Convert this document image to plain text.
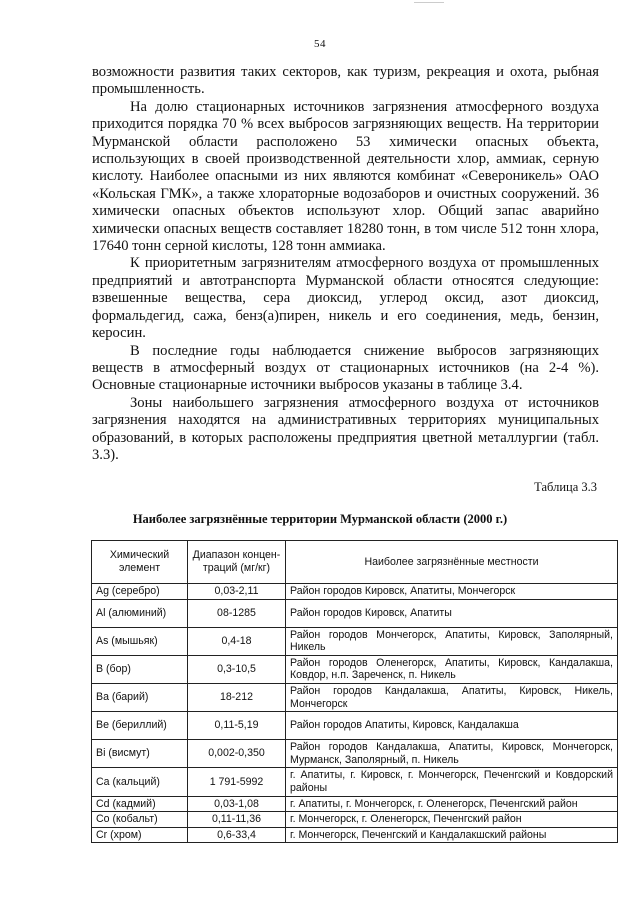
54

возможности развития таких секторов, как туризм, рекреация и охота, рыбная промышленность.

На долю стационарных источников загрязнения атмосферного воздуха приходится порядка 70 % всех выбросов загрязняющих веществ. На территории Мурманской области расположено 53 химически опасных объекта, использующих в своей производственной деятельности хлор, аммиак, серную кислоту. Наиболее опасными из них являются комбинат «Североникель» ОАО «Кольская ГМК», а также хлораторные водозаборов и очистных сооружений. 36 химически опасных объектов используют хлор. Общий запас аварийно химически опасных веществ составляет 18280 тонн, в том числе 512 тонн хлора, 17640 тонн серной кислоты, 128 тонн аммиака.

К приоритетным загрязнителям атмосферного воздуха от промышленных предприятий и автотранспорта Мурманской области относятся следующие: взвешенные вещества, сера диоксид, углерод оксид, азот диоксид, формальдегид, сажа, бенз(а)пирен, никель и его соединения, медь, бензин, керосин.

В последние годы наблюдается снижение выбросов загрязняющих веществ в атмосферный воздух от стационарных источников (на 2-4 %). Основные стационарные источники выбросов указаны в таблице 3.4.

Зоны наибольшего загрязнения атмосферного воздуха от источников загрязнения находятся на административных территориях муниципальных образований, в которых расположены предприятия цветной металлургии (табл. 3.3).

Таблица 3.3
Наиболее загрязнённые территории Мурманской области (2000 г.)
Химический элемент	Диапазон концен- траций (мг/кг)	Наиболее загрязнённые местности
Ag (серебро)	0,03-2,11	Район городов Кировск, Апатиты, Мончегорск
Al (алюминий)	08-1285	Район городов Кировск, Апатиты
As (мышьяк)	0,4-18	Район городов Мончегорск, Апатиты, Кировск, Заполярный, Никель
B (бор)	0,3-10,5	Район городов Оленегорск, Апатиты, Кировск, Кандалакша, Ковдор, н.п. Зареченск, п. Никель
Ba (барий)	18-212	Район городов Кандалакша, Апатиты, Кировск, Никель, Мончегорск
Be (бериллий)	0,11-5,19	Район городов Апатиты, Кировск, Кандалакша
Bi (висмут)	0,002-0,350	Район городов Кандалакша, Апатиты, Кировск, Мончегорск, Мурманск, Заполярный, п. Никель
Ca (кальций)	1 791-5992	г. Апатиты, г. Кировск, г. Мончегорск, Печенгский и Ковдорский районы
Cd (кадмий)	0,03-1,08	г. Апатиты, г. Мончегорск, г. Оленегорск, Печенгский район
Co (кобальт)	0,11-11,36	г. Мончегорск, г. Оленегорск, Печенгский район
Cr (хром)	0,6-33,4	г. Мончегорск, Печенгский и Кандалакшский районы
